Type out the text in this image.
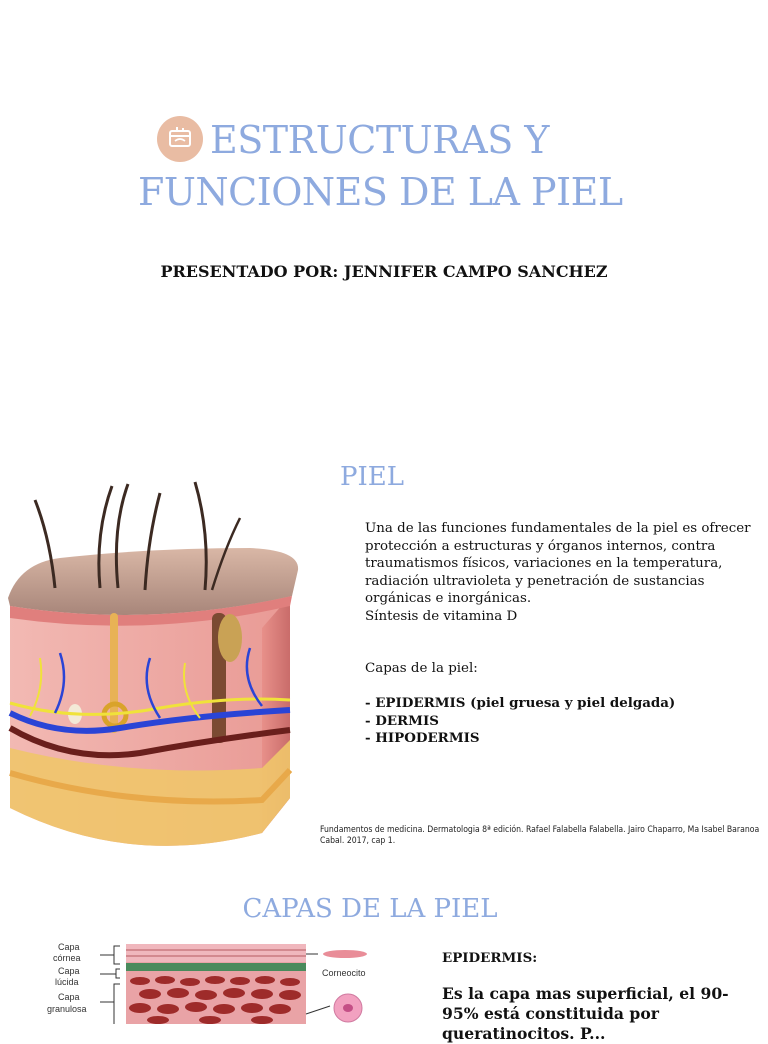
ESTRUCTURAS Y
FUNCIONES DE LA PIEL
PRESENTADO POR: JENNIFER CAMPO SANCHEZ
PIEL

Una de las funciones fundamentales de la piel es ofrecer

protección a estructuras y órganos internos, contra

traumatismos físicos, variaciones en la temperatura,

radiación ultravioleta y penetración de sustancias

orgánicas e inorgánicas.

Síntesis de vitamina D

Capas de la piel:
- EPIDERMIS (piel gruesa y piel delgada)
- DERMIS
- HIPODERMIS
Fundamentos de medicina. Dermatologia 8ª edición. Rafael Falabella Falabella. Jairo Chaparro, Ma Isabel Baranoa Cabal. 2017, cap 1.
CAPAS DE LA PIEL
Capa
córnea
Capa
lúcida
Capa
granulosa
Corneocito
EPIDERMIS:
Es la capa mas superficial, el 90-
95% está constituida por
queratinocitos. P...
